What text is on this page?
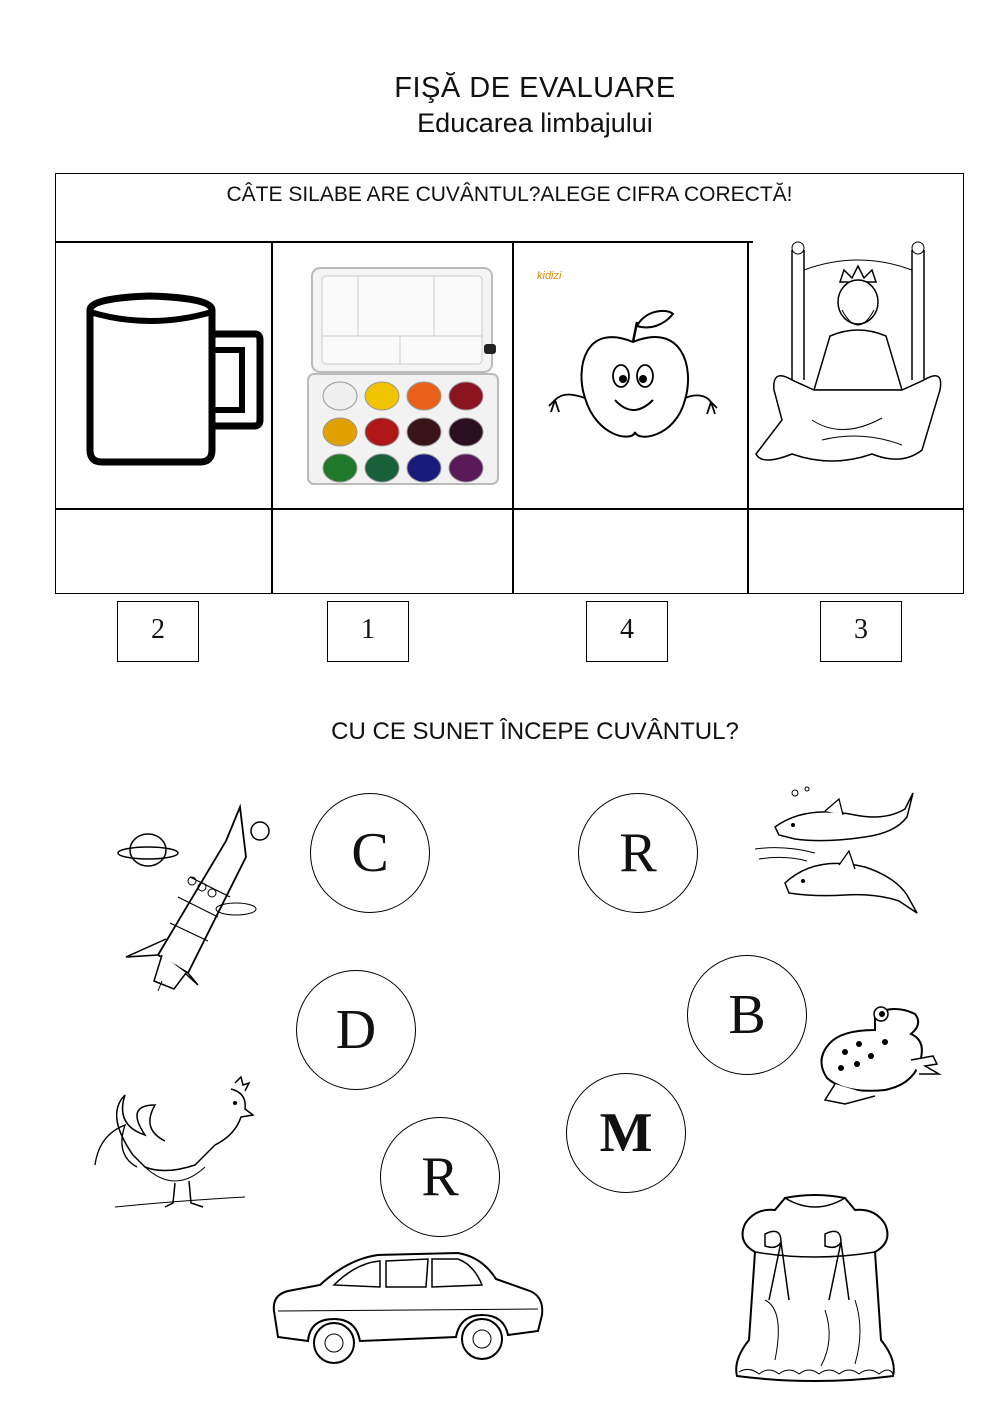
FIŞĂ DE EVALUARE
Educarea limbajului
CÂTE SILABE ARE CUVÂNTUL?ALEGE CIFRA CORECTĂ!
kidizi
2	1	4	3
CU CE SUNET ÎNCEPE CUVÂNTUL?
C	R
D	B
M
R
